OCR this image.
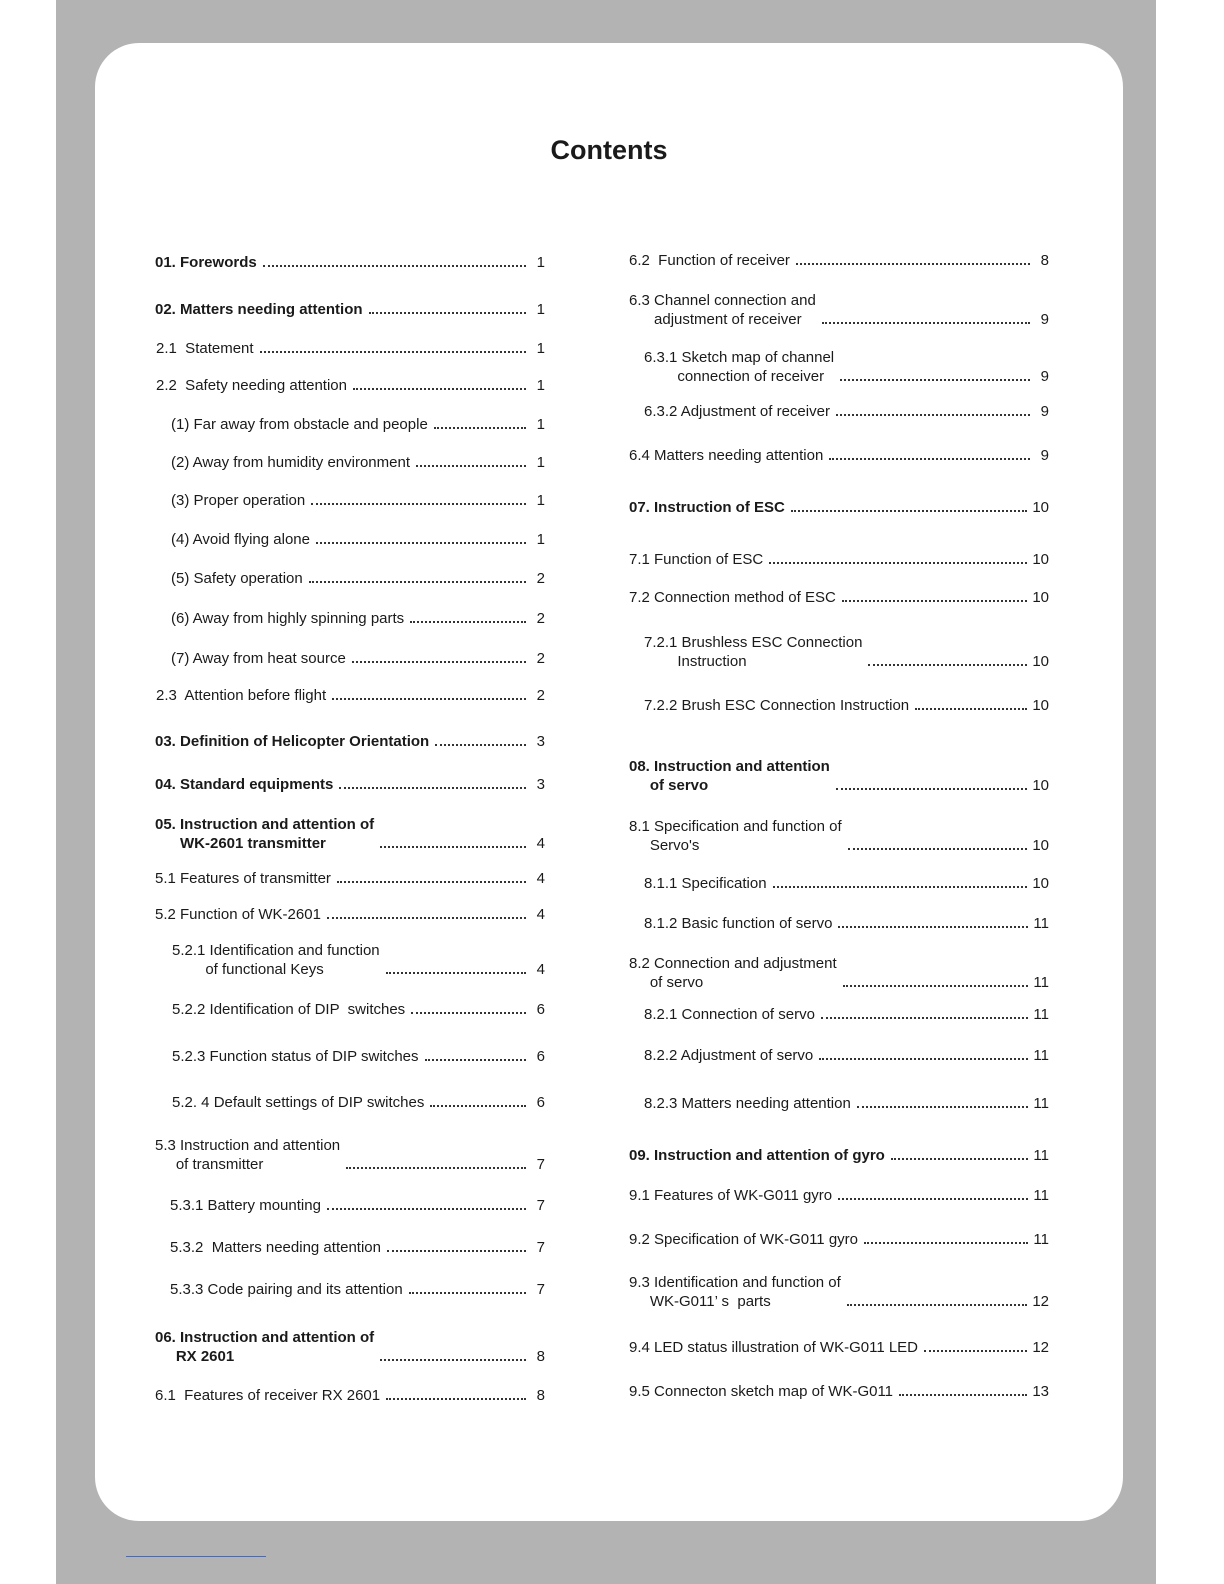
Contents
01. Forewords	1
02. Matters needing attention	1
2.1  Statement	1
2.2  Safety needing attention	1
(1) Far away from obstacle and people	1
(2) Away from humidity environment	1
(3) Proper operation	1
(4) Avoid flying alone	1
(5) Safety operation	2
(6) Away from highly spinning parts	2
(7) Away from heat source	2
2.3  Attention before flight	2
03. Definition of Helicopter Orientation	3
04. Standard equipments	3
05. Instruction and attention of
WK-2601 transmitter	4
5.1 Features of transmitter	4
5.2 Function of WK-2601	4
5.2.1 Identification and function
of functional Keys	4
5.2.2 Identification of DIP  switches	6
5.2.3 Function status of DIP switches	6
5.2. 4 Default settings of DIP switches	6
5.3 Instruction and attention
of transmitter	7
5.3.1 Battery mounting	7
5.3.2  Matters needing attention	7
5.3.3 Code pairing and its attention	7
06. Instruction and attention of
RX 2601	8
6.1  Features of receiver RX 2601	8
6.2  Function of receiver	8
6.3 Channel connection and
adjustment of receiver	9
6.3.1 Sketch map of channel
connection of receiver	9
6.3.2 Adjustment of receiver	9
6.4 Matters needing attention	9
07. Instruction of ESC	10
7.1 Function of ESC	10
7.2 Connection method of ESC	10
7.2.1 Brushless ESC Connection
Instruction	10
7.2.2 Brush ESC Connection Instruction	10
08. Instruction and attention
of servo	10
8.1 Specification and function of
Servo's	10
8.1.1 Specification	10
8.1.2 Basic function of servo	11
8.2 Connection and adjustment
of servo	11
8.2.1 Connection of servo	11
8.2.2 Adjustment of servo	11
8.2.3 Matters needing attention	11
09. Instruction and attention of gyro	11
9.1 Features of WK-G011 gyro	11
9.2 Specification of WK-G011 gyro	11
9.3 Identification and function of
WK-G011’ s  parts	12
9.4 LED status illustration of WK-G011 LED	12
9.5 Connecton sketch map of WK-G011	13
